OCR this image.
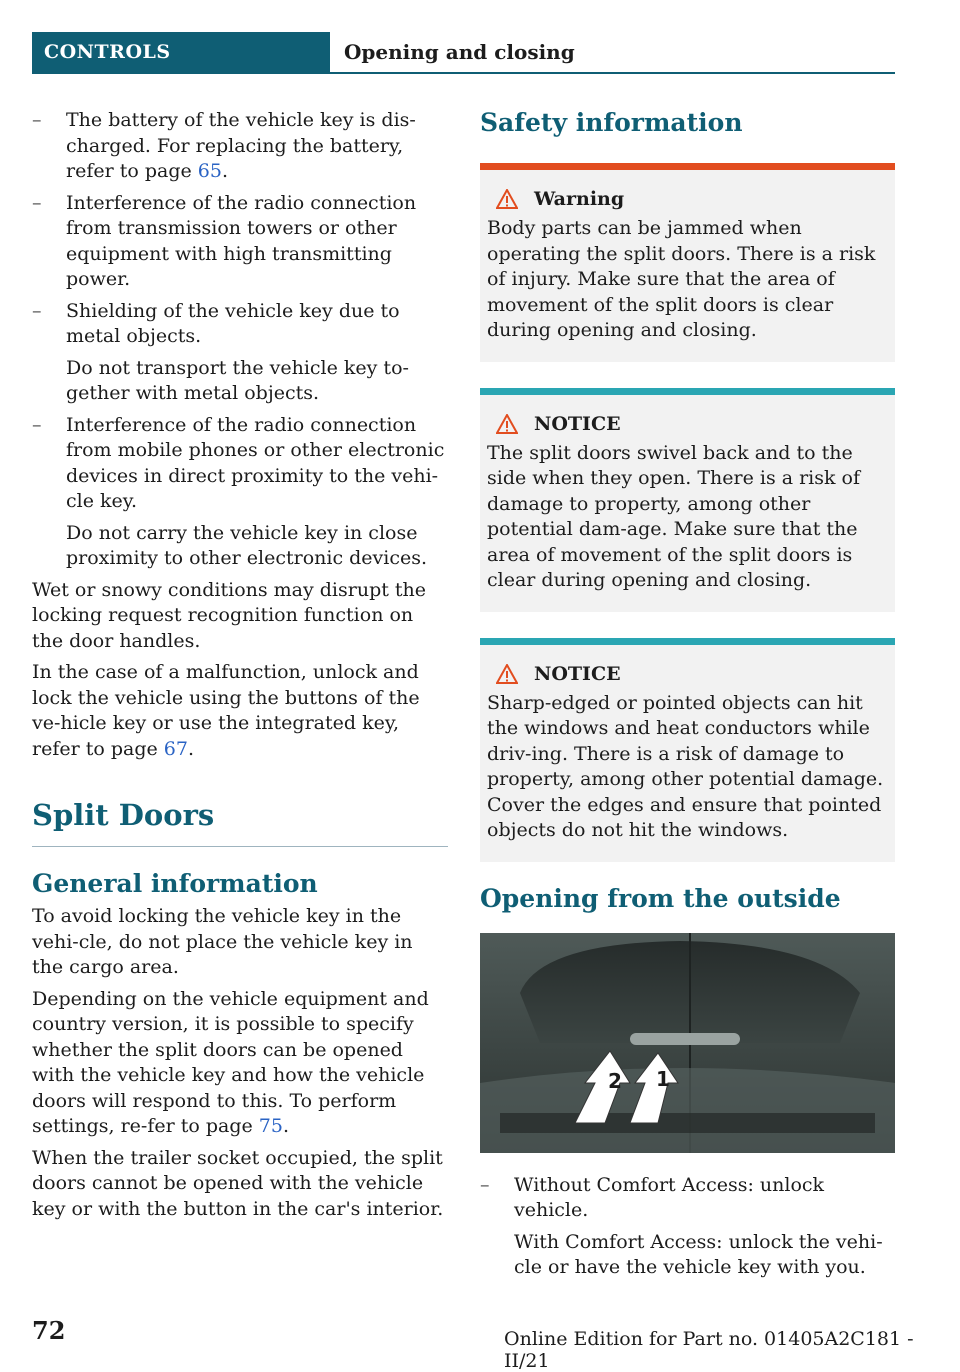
CONTROLS	Opening and closing

– The battery of the vehicle key is dis-charged. For replacing the battery, refer to page 65.

– Interference of the radio connection from transmission towers or other equipment with high transmitting power.

– Shielding of the vehicle key due to metal objects.

Do not transport the vehicle key to-gether with metal objects.

– Interference of the radio connection from mobile phones or other electronic devices in direct proximity to the vehi-cle key.

Do not carry the vehicle key in close proximity to other electronic devices.

Wet or snowy conditions may disrupt the locking request recognition function on the door handles.

In the case of a malfunction, unlock and lock the vehicle using the buttons of the ve-hicle key or use the integrated key, refer to page 67.

Split Doors
General information

To avoid locking the vehicle key in the vehi-cle, do not place the vehicle key in the cargo area.

Depending on the vehicle equipment and country version, it is possible to specify whether the split doors can be opened with the vehicle key and how the vehicle doors will respond to this. To perform settings, re-fer to page 75.

When the trailer socket occupied, the split doors cannot be opened with the vehicle key or with the button in the car's interior.

Safety information
Warning

Body parts can be jammed when operating the split doors. There is a risk of injury. Make sure that the area of movement of the split doors is clear during opening and closing.

NOTICE

The split doors swivel back and to the side when they open. There is a risk of damage to property, among other potential dam-age. Make sure that the area of movement of the split doors is clear during opening and closing.

NOTICE

Sharp-edged or pointed objects can hit the windows and heat conductors while driv-ing. There is a risk of damage to property, among other potential damage. Cover the edges and ensure that pointed objects do not hit the windows.

Opening from the outside
2 1

– Without Comfort Access: unlock vehicle.

With Comfort Access: unlock the vehi-cle or have the vehicle key with you.

72	Online Edition for Part no. 01405A2C181 - II/21
